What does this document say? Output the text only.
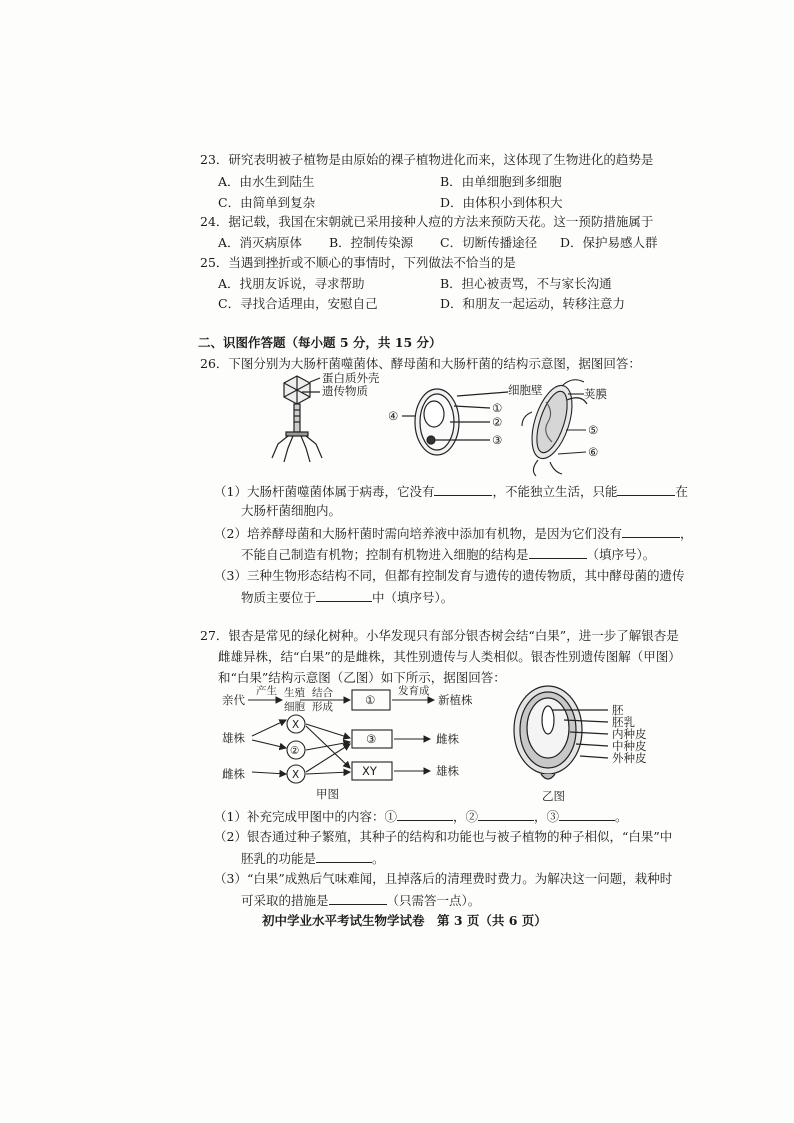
23．研究表明被子植物是由原始的裸子植物进化而来，这体现了生物进化的趋势是
A．由水生到陆生	B．由单细胞到多细胞
C．由简单到复杂	D．由体积小到体积大
24．据记载，我国在宋朝就已采用接种人痘的方法来预防天花。这一预防措施属于
A．消灭病原体 B．控制传染源 C．切断传播途径 D．保护易感人群
25．当遇到挫折或不顺心的事情时，下列做法不恰当的是
A．找朋友诉说，寻求帮助	B．担心被责骂，不与家长沟通
C．寻找合适理由，安慰自己	D．和朋友一起运动，转移注意力
二、识图作答题（每小题 5 分，共 15 分）
26．下图分别为大肠杆菌噬菌体、酵母菌和大肠杆菌的结构示意图，据图回答：
蛋白质外壳
遗传物质
④
细胞壁
①
②
③
荚膜
⑤
⑥
（1）大肠杆菌噬菌体属于病毒，它没有	，不能独立生活，只能	在
大肠杆菌细胞内。
（2）培养酵母菌和大肠杆菌时需向培养液中添加有机物，是因为它们没有	，
不能自己制造有机物；控制有机物进入细胞的结构是	（填序号）。
（3）三种生物形态结构不同，但都有控制发育与遗传的遗传物质，其中酵母菌的遗传
物质主要位于	中（填序号）。
27．银杏是常见的绿化树种。小华发现只有部分银杏树会结“白果”，进一步了解银杏是
雌雄异株，结“白果”的是雌株，其性别遗传与人类相似。银杏性别遗传图解（甲图）
和“白果”结构示意图（乙图）如下所示，据图回答：
亲代
产生 生殖
细胞
结合
形成	①
发育成
新植株
雄株
雌株
X
②
X
③
XY
雌株
雄株
甲图
胚
胚乳
内种皮
中种皮
外种皮
乙图
（1）补充完成甲图中的内容：①	，②	，③	。
（2）银杏通过种子繁殖，其种子的结构和功能也与被子植物的种子相似，“白果”中
胚乳的功能是	。
（3）“白果”成熟后气味难闻，且掉落后的清理费时费力。为解决这一问题，栽种时
可采取的措施是	（只需答一点）。
初中学业水平考试生物学试卷　第 3 页（共 6 页）
